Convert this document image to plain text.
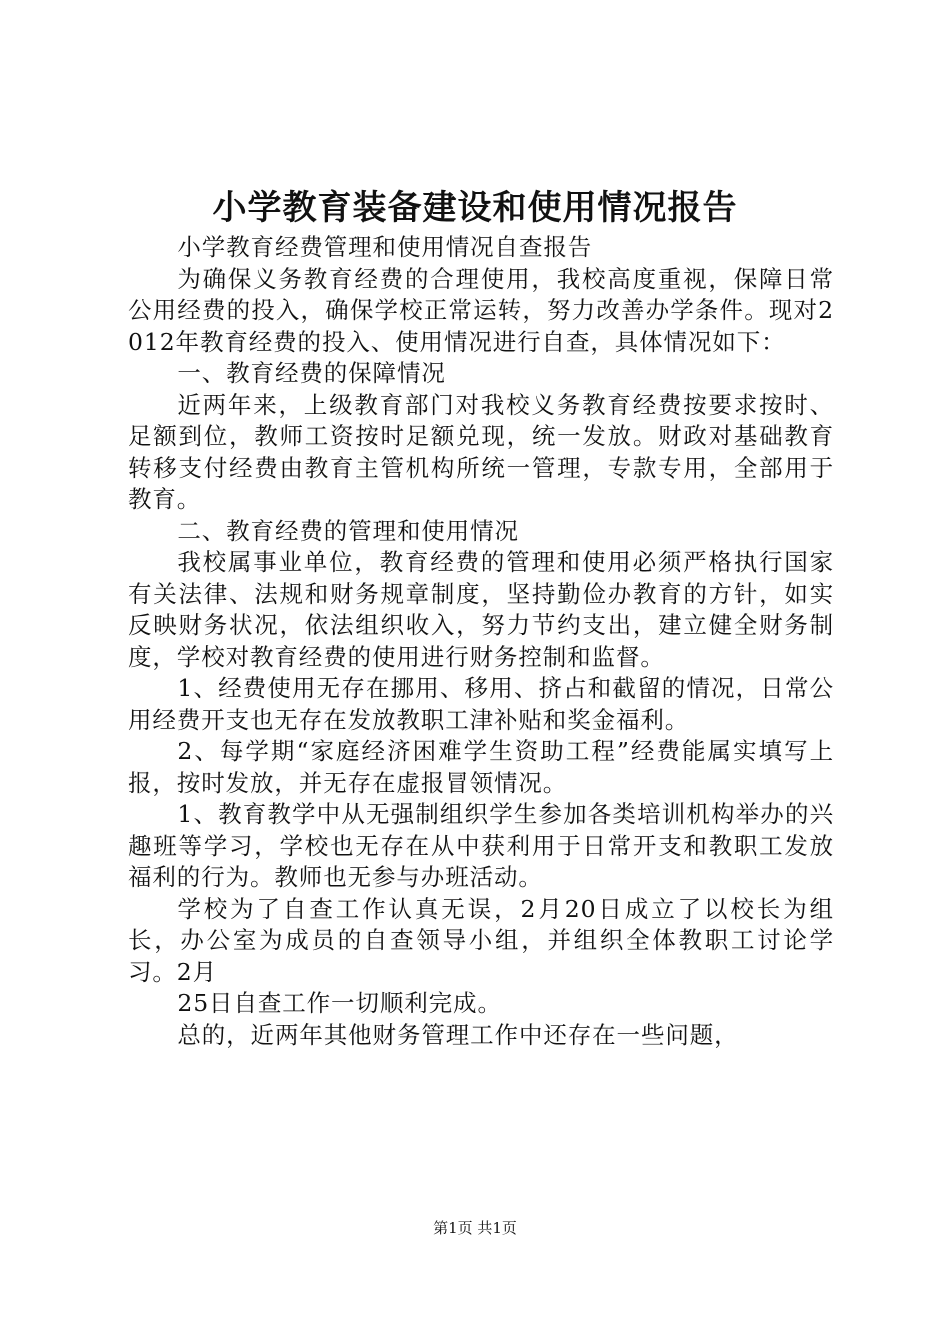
小学教育装备建设和使用情况报告

小学教育经费管理和使用情况自查报告

为确保义务教育经费的合理使用，我校高度重视，保障日常公用经费的投入，确保学校正常运转，努力改善办学条件。现对2012年教育经费的投入、使用情况进行自查，具体情况如下：

一、教育经费的保障情况

近两年来，上级教育部门对我校义务教育经费按要求按时、足额到位，教师工资按时足额兑现，统一发放。财政对基础教育转移支付经费由教育主管机构所统一管理，专款专用，全部用于教育。

二、教育经费的管理和使用情况

我校属事业单位，教育经费的管理和使用必须严格执行国家有关法律、法规和财务规章制度，坚持勤俭办教育的方针，如实反映财务状况，依法组织收入，努力节约支出，建立健全财务制度，学校对教育经费的使用进行财务控制和监督。

1、经费使用无存在挪用、移用、挤占和截留的情况，日常公用经费开支也无存在发放教职工津补贴和奖金福利。

2、每学期“家庭经济困难学生资助工程”经费能属实填写上报，按时发放，并无存在虚报冒领情况。

1、教育教学中从无强制组织学生参加各类培训机构举办的兴趣班等学习，学校也无存在从中获利用于日常开支和教职工发放福利的行为。教师也无参与办班活动。

学校为了自查工作认真无误，2月20日成立了以校长为组长，办公室为成员的自查领导小组，并组织全体教职工讨论学习。2月

25日自查工作一切顺利完成。

总的，近两年其他财务管理工作中还存在一些问题，

第1页 共1页
